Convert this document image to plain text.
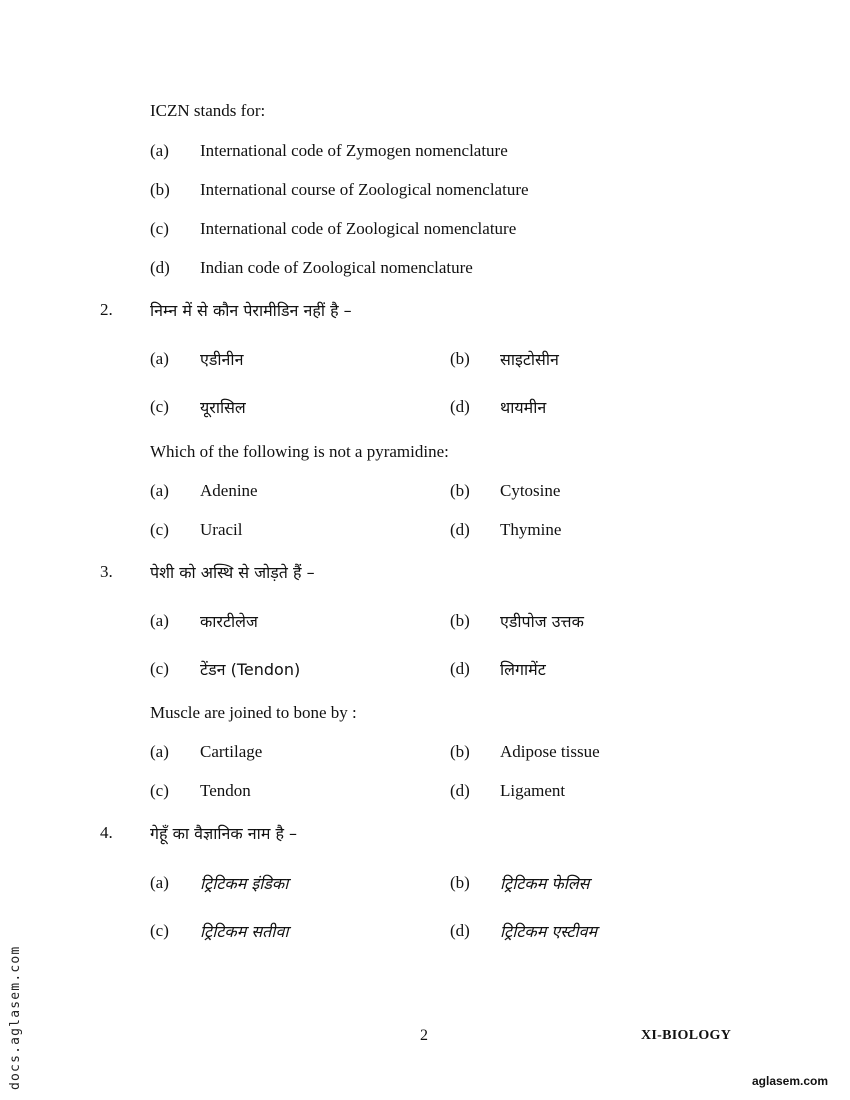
ICZN stands for:
(a) International code of Zymogen nomenclature
(b) International course of Zoological nomenclature
(c) International code of Zoological nomenclature
(d) Indian code of Zoological nomenclature
2. निम्न में से कौन पेरामीडिन नहीं है –
(a) एडीनीन	(b) साइटोसीन
(c) यूरासिल	(d) थायमीन
Which of the following is not a pyramidine:
(a) Adenine	(b) Cytosine
(c) Uracil	(d) Thymine
3. पेशी को अस्थि से जोड़ते हैं –
(a) कारटीलेज	(b) एडीपोज उत्तक
(c) टेंडन (Tendon)	(d) लिगामेंट
Muscle are joined to bone by :
(a) Cartilage	(b) Adipose tissue
(c) Tendon	(d) Ligament
4. गेहूँ का वैज्ञानिक नाम है –
(a) ट्रिटिकम इंडिका	(b) ट्रिटिकम फेलिस
(c) ट्रिटिकम सतीवा	(d) ट्रिटिकम एस्टीवम
2	XI-BIOLOGY
docs.aglasem.com	aglasem.com
